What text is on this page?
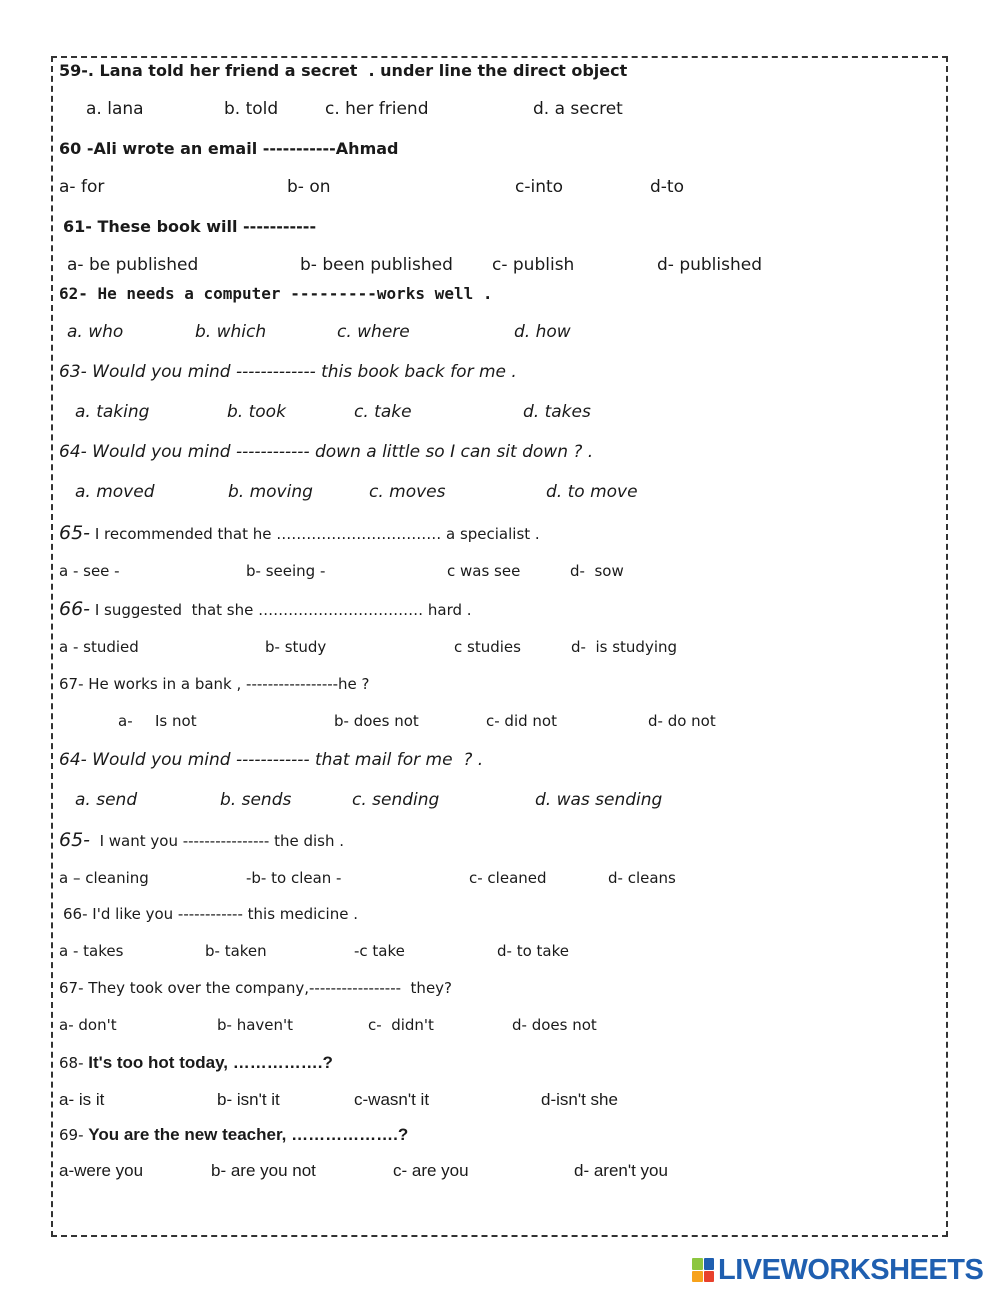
59-. Lana told her friend a secret  . under line the direct object
a. lana	b. told	c. her friend	d. a secret
60 -Ali wrote an email -----------Ahmad
a- for	b- on	c-into	d-to
61- These book will -----------
a- be published	b- been published c- publish	d- published
62- He needs a computer ---------works well .
a. who	b. which	c. where	d. how
63- Would you mind ------------- this book back for me .
a. taking	b. took	c. take	d. takes
64- Would you mind ------------ down a little so I can sit down ? .
a. moved	b. moving	c. moves	d. to move
65- I recommended that he …………………………… a specialist .
a - see -	b- seeing -	c was see	d-  sow
66- I suggested  that she …………………………… hard .
a - studied	b- study	c studies	d-  is studying
67- He works in a bank , -----------------he ?
a- Is not	b- does not	c- did not	d- do not
64- Would you mind ------------ that mail for me  ? .
a. send	b. sends	c. sending	d. was sending
65-  I want you ---------------- the dish .
a – cleaning	-b- to clean -	c- cleaned	d- cleans
66- I'd like you ------------ this medicine .
a - takes	b- taken	-c take	d- to take
67- They took over the company,-----------------  they?
a- don't	b- haven't	c-  didn't	d- does not
68- It's too hot today, …………….?
a- is it	b- isn't it	c-wasn't it	d-isn't she
69- You are the new teacher, ……………….?
a-were you	b- are you not	c- are you	d- aren't you
LIVEWORKSHEETS
